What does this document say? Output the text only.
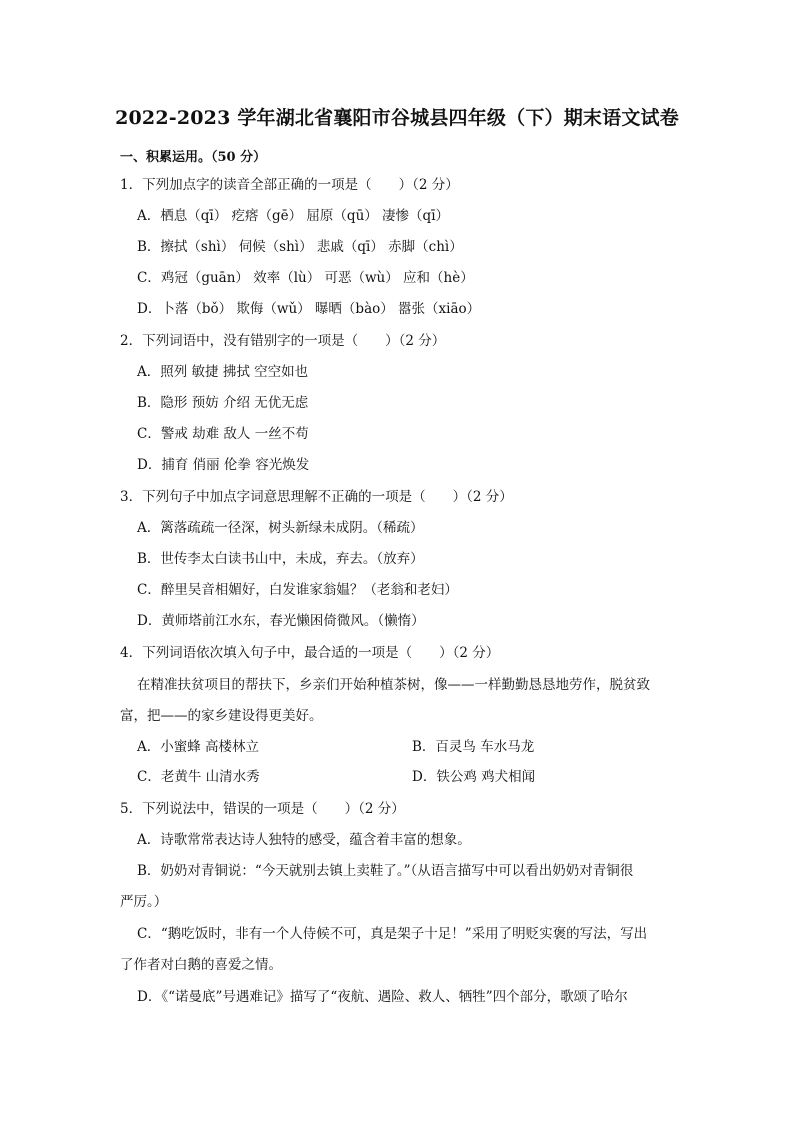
2022-2023 学年湖北省襄阳市谷城县四年级（下）期末语文试卷
一、积累运用。（50 分）
1．下列加点字的读音全部正确的一项是（　　）（2 分）
A．栖息（qī） 疙瘩（gē） 屈原（qū） 凄惨（qī）
B．擦拭（shì） 伺候（shì） 悲戚（qī） 赤脚（chì）
C．鸡冠（guān） 效率（lù） 可恶（wù） 应和（hè）
D．卜落（bǒ） 欺侮（wǔ） 曝晒（bào） 嚣张（xiāo）
2．下列词语中，没有错别字的一项是（　　）（2 分）
A．照列 敏捷 拂拭 空空如也
B．隐形 预妨 介绍 无优无虑
C．警戒 劫难 敌人 一丝不苟
D．捕育 俏丽 伦拳 容光焕发
3．下列句子中加点字词意思理解不正确的一项是（　　）（2 分）
A．篱落疏疏一径深，树头新绿未成阴。（稀疏）
B．世传李太白读书山中，未成，弃去。（放弃）
C．醉里吴音相媚好，白发谁家翁媪？（老翁和老妇）
D．黄师塔前江水东，春光懒困倚微风。（懒惰）
4．下列词语依次填入句子中，最合适的一项是（　　）（2 分）
在精准扶贫项目的帮扶下，乡亲们开始种植茶树，像——一样勤勤恳恳地劳作，脱贫致
富，把——的家乡建设得更美好。
A．小蜜蜂 高楼林立	B．百灵鸟 车水马龙
C．老黄牛 山清水秀	D．铁公鸡 鸡犬相闻
5．下列说法中，错误的一项是（　　）（2 分）
A．诗歌常常表达诗人独特的感受，蕴含着丰富的想象。
B．奶奶对青铜说：“今天就别去镇上卖鞋了。”（从语言描写中可以看出奶奶对青铜很
严厉。）
C．“鹅吃饭时，非有一个人侍候不可，真是架子十足！”采用了明贬实褒的写法，写出
了作者对白鹅的喜爱之情。
D．《“诺曼底”号遇难记》描写了“夜航、遇险、救人、牺牲”四个部分，歌颂了哈尔
